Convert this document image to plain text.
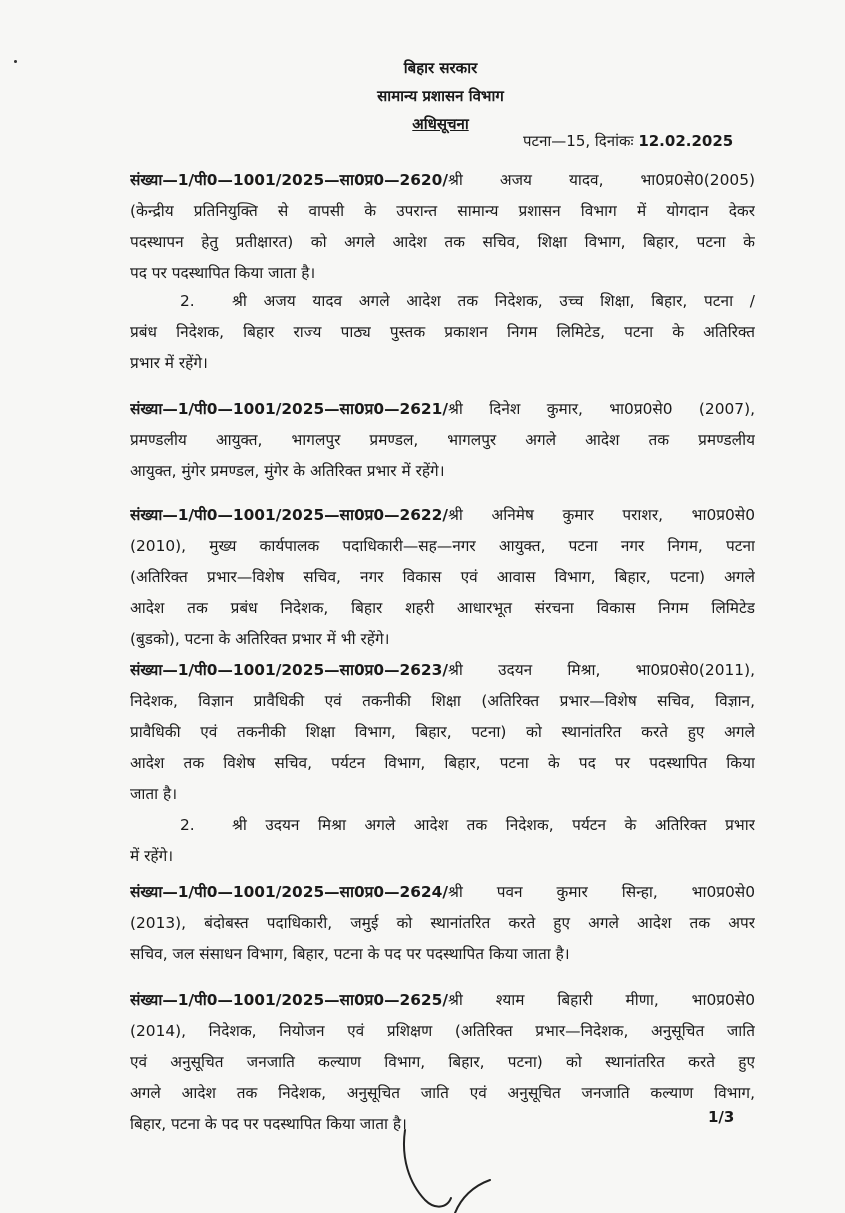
बिहार सरकार
सामान्य प्रशासन विभाग
अधिसूचना
पटना—15, दिनांकः 12.02.2025
संख्या—1/पी0—1001/2025—सा0प्र0—2620/श्री अजय यादव, भा0प्र0से0(2005)
(केन्द्रीय प्रतिनियुक्ति से वापसी के उपरान्त सामान्य प्रशासन विभाग में योगदान देकर
पदस्थापन हेतु प्रतीक्षारत) को अगले आदेश तक सचिव, शिक्षा विभाग, बिहार, पटना के
पद पर पदस्थापित किया जाता है।
2. श्री अजय यादव अगले आदेश तक निदेशक, उच्च शिक्षा, बिहार, पटना /
प्रबंध निदेशक, बिहार राज्य पाठ्य पुस्तक प्रकाशन निगम लिमिटेड, पटना के अतिरिक्त
प्रभार में रहेंगे।
संख्या—1/पी0—1001/2025—सा0प्र0—2621/श्री दिनेश कुमार, भा0प्र0से0 (2007),
प्रमण्डलीय आयुक्त, भागलपुर प्रमण्डल, भागलपुर अगले आदेश तक प्रमण्डलीय
आयुक्त, मुंगेर प्रमण्डल, मुंगेर के अतिरिक्त प्रभार में रहेंगे।
संख्या—1/पी0—1001/2025—सा0प्र0—2622/श्री अनिमेष कुमार पराशर, भा0प्र0से0
(2010), मुख्य कार्यपालक पदाधिकारी—सह—नगर आयुक्त, पटना नगर निगम, पटना
(अतिरिक्त प्रभार—विशेष सचिव, नगर विकास एवं आवास विभाग, बिहार, पटना) अगले
आदेश तक प्रबंध निदेशक, बिहार शहरी आधारभूत संरचना विकास निगम लिमिटेड
(बुडको), पटना के अतिरिक्त प्रभार में भी रहेंगे।
संख्या—1/पी0—1001/2025—सा0प्र0—2623/श्री उदयन मिश्रा, भा0प्र0से0(2011),
निदेशक, विज्ञान प्रावैधिकी एवं तकनीकी शिक्षा (अतिरिक्त प्रभार—विशेष सचिव, विज्ञान,
प्रावैधिकी एवं तकनीकी शिक्षा विभाग, बिहार, पटना) को स्थानांतरित करते हुए अगले
आदेश तक विशेष सचिव, पर्यटन विभाग, बिहार, पटना के पद पर पदस्थापित किया
जाता है।
2. श्री उदयन मिश्रा अगले आदेश तक निदेशक, पर्यटन के अतिरिक्त प्रभार
में रहेंगे।
संख्या—1/पी0—1001/2025—सा0प्र0—2624/श्री पवन कुमार सिन्हा, भा0प्र0से0
(2013), बंदोबस्त पदाधिकारी, जमुई को स्थानांतरित करते हुए अगले आदेश तक अपर
सचिव, जल संसाधन विभाग, बिहार, पटना के पद पर पदस्थापित किया जाता है।
संख्या—1/पी0—1001/2025—सा0प्र0—2625/श्री श्याम बिहारी मीणा, भा0प्र0से0
(2014), निदेशक, नियोजन एवं प्रशिक्षण (अतिरिक्त प्रभार—निदेशक, अनुसूचित जाति
एवं अनुसूचित जनजाति कल्याण विभाग, बिहार, पटना) को स्थानांतरित करते हुए
अगले आदेश तक निदेशक, अनुसूचित जाति एवं अनुसूचित जनजाति कल्याण विभाग,
बिहार, पटना के पद पर पदस्थापित किया जाता है।	1/3
